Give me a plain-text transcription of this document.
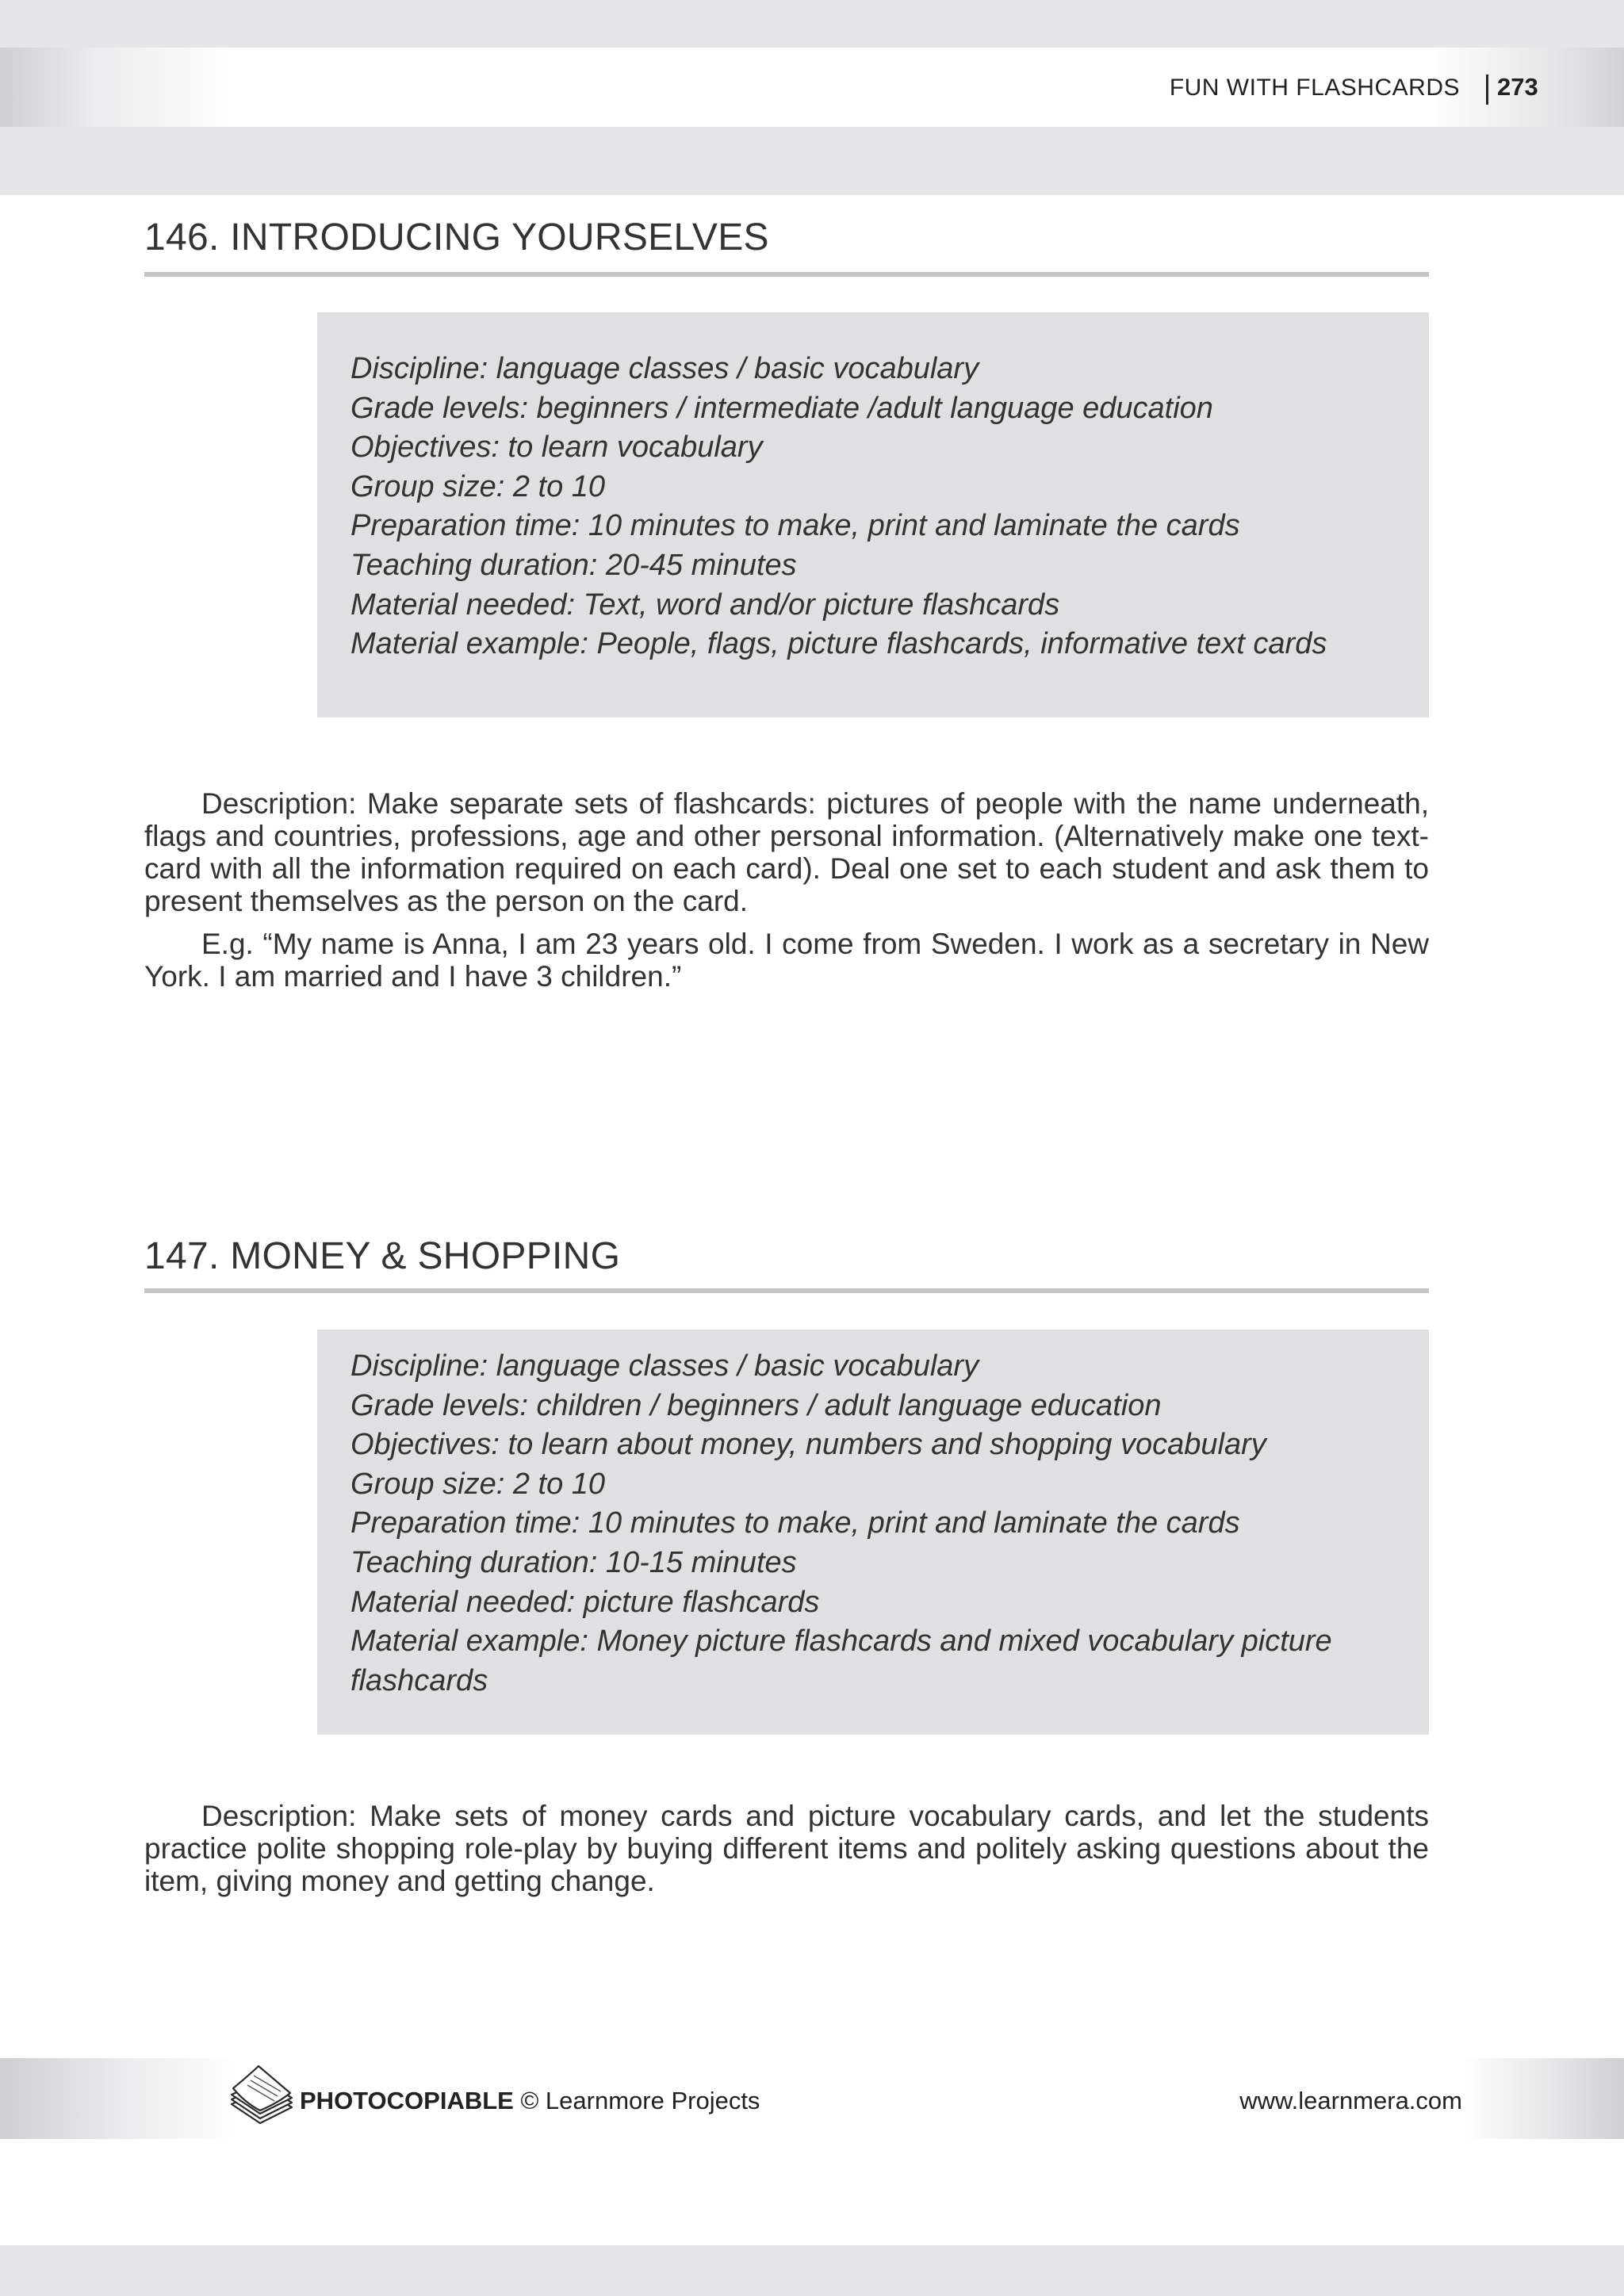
FUN WITH FLASHCARDS 273
146. INTRODUCING YOURSELVES
Discipline: language classes / basic vocabulary
Grade levels: beginners / intermediate /adult language education
Objectives: to learn vocabulary
Group size: 2 to 10
Preparation time: 10 minutes to make, print and laminate the cards
Teaching duration: 20-45 minutes
Material needed: Text, word and/or picture flashcards
Material example: People, flags, picture flashcards, informative text cards

Description: Make separate sets of flashcards: pictures of people with the name underneath, flags and countries, professions, age and other personal information. (Alternatively make one text-card with all the information required on each card). Deal one set to each student and ask them to present themselves as the person on the card.

E.g. “My name is Anna, I am 23 years old. I come from Sweden. I work as a secretary in New York. I am married and I have 3 children.”

147. MONEY & SHOPPING
Discipline: language classes / basic vocabulary
Grade levels: children / beginners / adult language education
Objectives: to learn about money, numbers and shopping vocabulary
Group size: 2 to 10
Preparation time: 10 minutes to make, print and laminate the cards
Teaching duration: 10-15 minutes
Material needed: picture flashcards
Material example: Money picture flashcards and mixed vocabulary picture flashcards

Description: Make sets of money cards and picture vocabulary cards, and let the students practice polite shopping role-play by buying different items and politely asking questions about the item, giving money and getting change.

PHOTOCOPIABLE © Learnmore Projects	www.learnmera.com
